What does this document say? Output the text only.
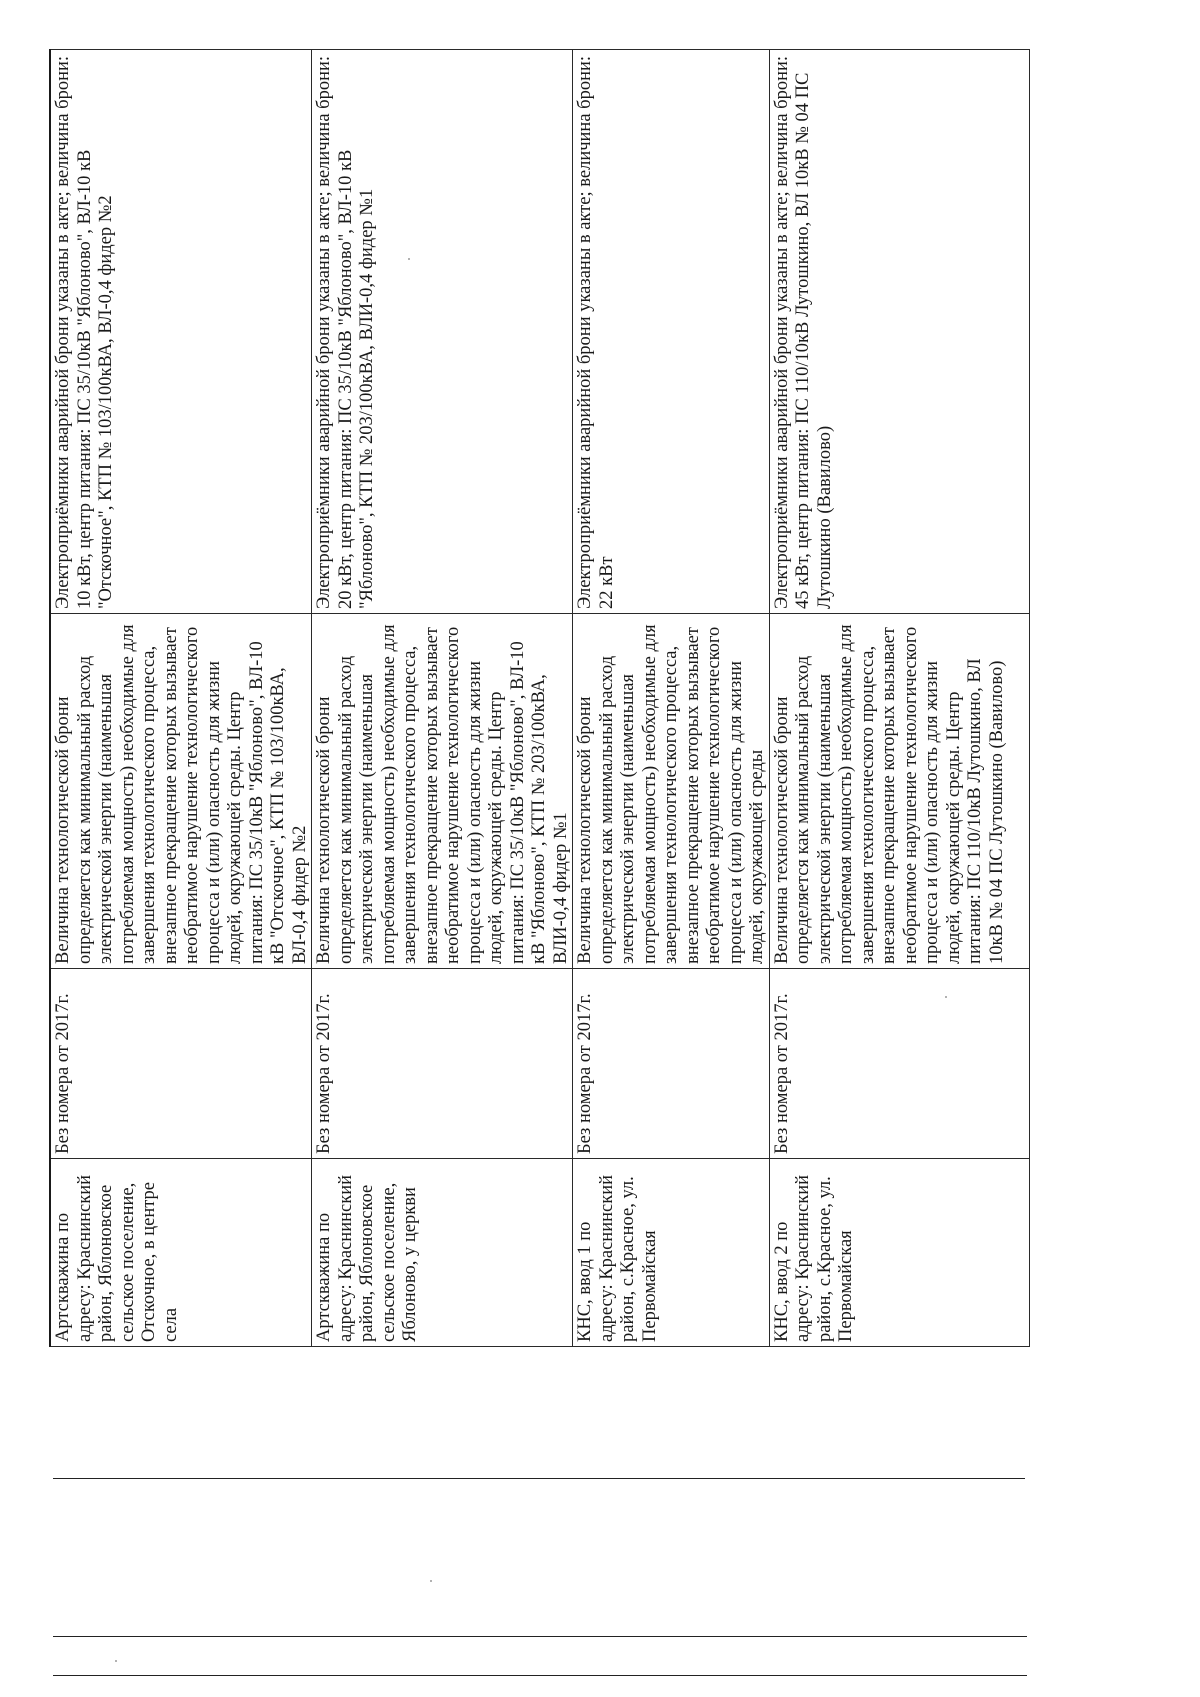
Артскважина по адресу: Краснинский район, Яблоновское сельское поселение, Отскочное, в центре села	Без номера от 2017г.	Величина технологической брони определяется как минимальный расход электрической энергии (наименьшая потребляемая мощность) необходимые для завершения технологического процесса, внезапное прекращение которых вызывает необратимое нарушение технологического процесса и (или) опасность для жизни людей, окружающей среды. Центр питания: ПС 35/10кВ "Яблоново", ВЛ-10 кВ "Отскочное", КТП № 103/100кВА, ВЛ-0,4 фидер №2	Электроприёмники аварийной брони указаны в акте; величина брони: 10 кВт, центр питания: ПС 35/10кВ "Яблоново", ВЛ-10 кВ "Отскочное", КТП № 103/100кВА, ВЛ-0,4 фидер №2
Артскважина по адресу: Краснинский район, Яблоновское сельское поселение, Яблоново, у церкви	Без номера от 2017г.	Величина технологической брони определяется как минимальный расход электрической энергии (наименьшая потребляемая мощность) необходимые для завершения технологического процесса, внезапное прекращение которых вызывает необратимое нарушение технологического процесса и (или) опасность для жизни людей, окружающей среды. Центр питания: ПС 35/10кВ "Яблоново", ВЛ-10 кВ "Яблоново", КТП № 203/100кВА, ВЛИ-0,4 фидер №1	Электроприёмники аварийной брони указаны в акте; величина брони: 20 кВт, центр питания: ПС 35/10кВ "Яблоново", ВЛ-10 кВ "Яблоново", КТП № 203/100кВА, ВЛИ-0,4 фидер №1
КНС, ввод 1 по адресу: Краснинский район, с.Красное, ул. Первомайская	Без номера от 2017г.	Величина технологической брони определяется как минимальный расход электрической энергии (наименьшая потребляемая мощность) необходимые для завершения технологического процесса, внезапное прекращение которых вызывает необратимое нарушение технологического процесса и (или) опасность для жизни людей, окружающей среды	Электроприёмники аварийной брони указаны в акте; величина брони: 22 кВт
КНС, ввод 2 по адресу: Краснинский район, с.Красное, ул. Первомайская	Без номера от 2017г.	Величина технологической брони определяется как минимальный расход электрической энергии (наименьшая потребляемая мощность) необходимые для завершения технологического процесса, внезапное прекращение которых вызывает необратимое нарушение технологического процесса и (или) опасность для жизни людей, окружающей среды. Центр питания: ПС 110/10кВ Лутошкино, ВЛ 10кВ № 04 ПС Лутошкино (Вавилово)	Электроприёмники аварийной брони указаны в акте; величина брони: 45 кВт, центр питания: ПС 110/10кВ Лутошкино, ВЛ 10кВ № 04 ПС Лутошкино (Вавилово)
